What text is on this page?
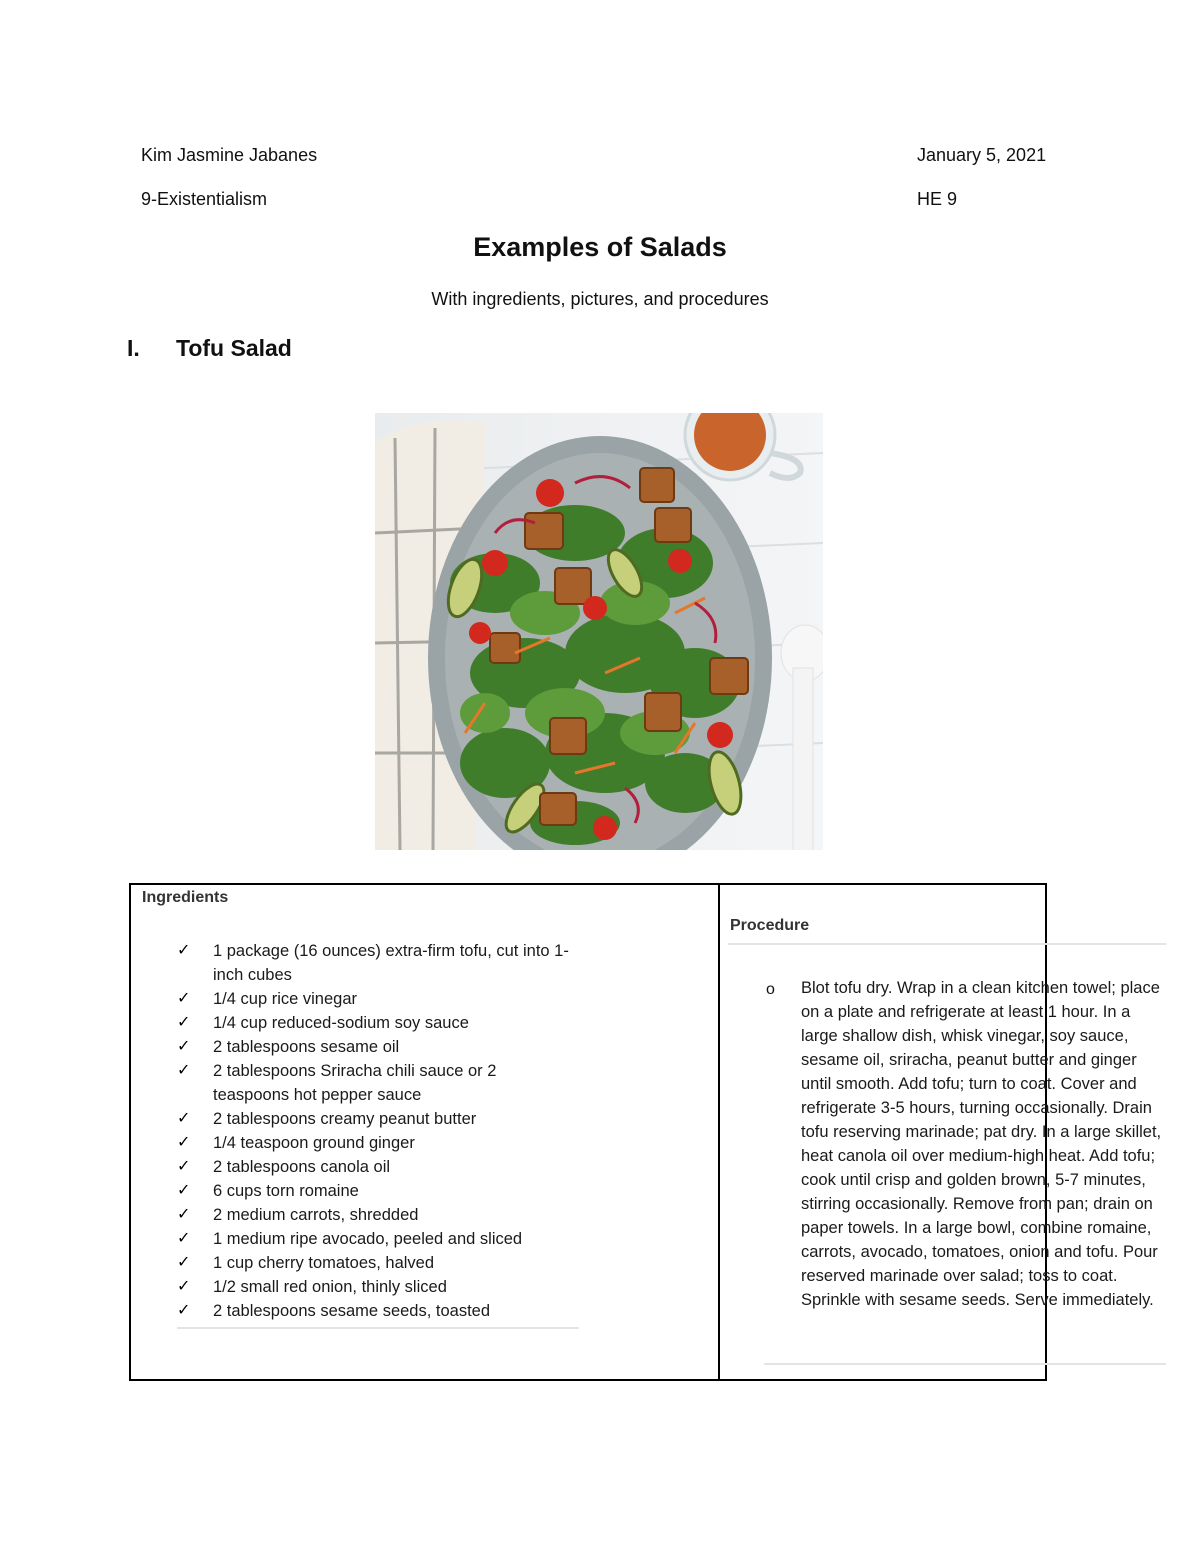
Kim Jasmine Jabanes
9-Existentialism
January 5, 2021
HE 9
Examples of Salads
With ingredients, pictures, and procedures
I. Tofu Salad
Ingredients
✓ 1 package (16 ounces) extra-firm tofu, cut into 1-inch cubes
✓ 1/4 cup rice vinegar
✓ 1/4 cup reduced-sodium soy sauce
✓ 2 tablespoons sesame oil
✓ 2 tablespoons Sriracha chili sauce or 2 teaspoons hot pepper sauce
✓ 2 tablespoons creamy peanut butter
✓ 1/4 teaspoon ground ginger
✓ 2 tablespoons canola oil
✓ 6 cups torn romaine
✓ 2 medium carrots, shredded
✓ 1 medium ripe avocado, peeled and sliced
✓ 1 cup cherry tomatoes, halved
✓ 1/2 small red onion, thinly sliced
✓ 2 tablespoons sesame seeds, toasted
Procedure
o Blot tofu dry. Wrap in a clean kitchen towel; place on a plate and refrigerate at least 1 hour. In a large shallow dish, whisk vinegar, soy sauce, sesame oil, sriracha, peanut butter and ginger until smooth. Add tofu; turn to coat. Cover and refrigerate 3-5 hours, turning occasionally. Drain tofu reserving marinade; pat dry. In a large skillet, heat canola oil over medium-high heat. Add tofu; cook until crisp and golden brown, 5-7 minutes, stirring occasionally. Remove from pan; drain on paper towels. In a large bowl, combine romaine, carrots, avocado, tomatoes, onion and tofu. Pour reserved marinade over salad; toss to coat. Sprinkle with sesame seeds. Serve immediately.
